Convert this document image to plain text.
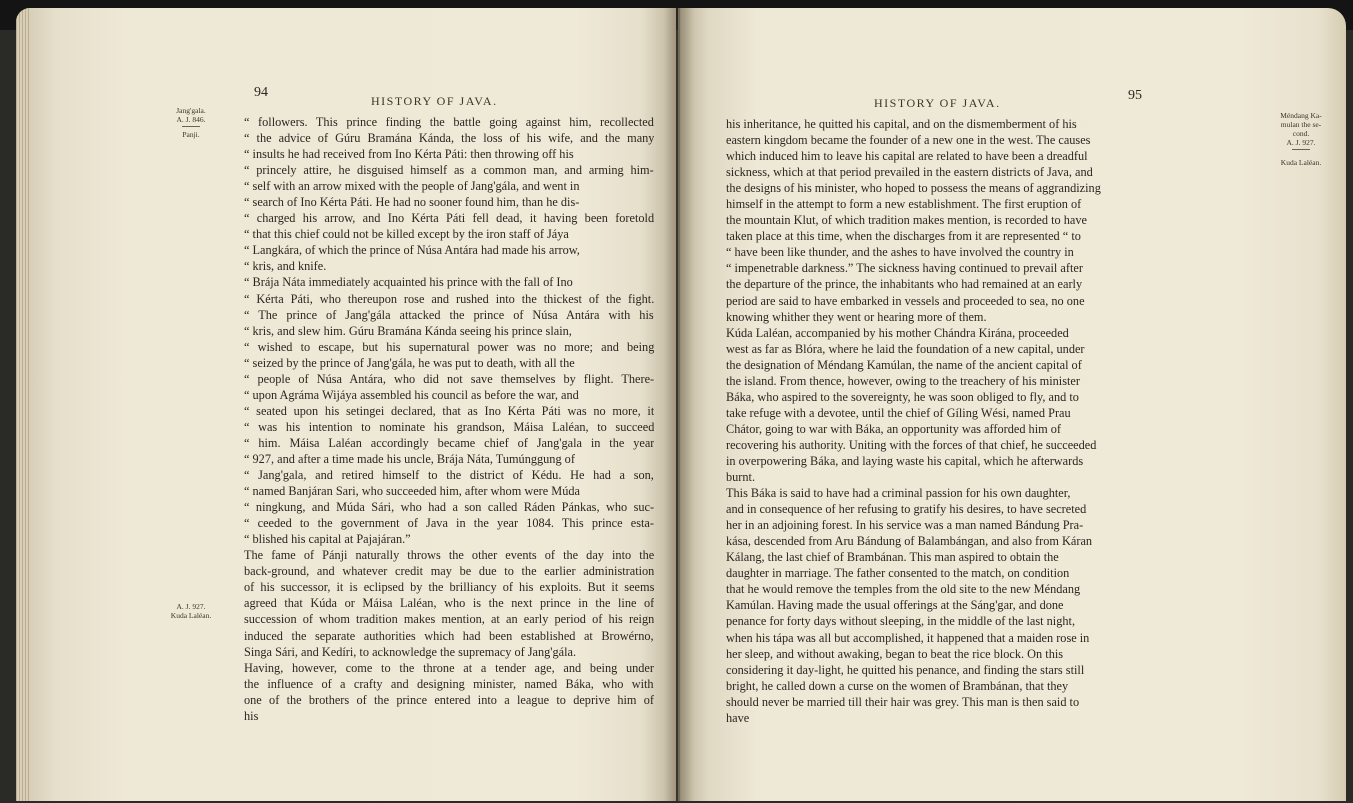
94
HISTORY OF JAVA.
Jang'gala.
A. J. 846.
Panji.
A. J. 927.
Kuda Laléan.
“ followers. This prince finding the battle going against him, recollected
“ the advice of Gúru Bramána Kánda, the loss of his wife, and the many
“ insults he had received from Ino Kérta Páti: then throwing off his
“ princely attire, he disguised himself as a common man, and arming him-
“ self with an arrow mixed with the people of Jang'gála, and went in
“ search of Ino Kérta Páti. He had no sooner found him, than he dis-
“ charged his arrow, and Ino Kérta Páti fell dead, it having been foretold
“ that this chief could not be killed except by the iron staff of Jáya
“ Langkára, of which the prince of Núsa Antára had made his arrow,
“ kris, and knife.
“ Brája Náta immediately acquainted his prince with the fall of Ino
“ Kérta Páti, who thereupon rose and rushed into the thickest of the fight.
“ The prince of Jang'gála attacked the prince of Núsa Antára with his
“ kris, and slew him. Gúru Bramána Kánda seeing his prince slain,
“ wished to escape, but his supernatural power was no more; and being
“ seized by the prince of Jang'gála, he was put to death, with all the
“ people of Núsa Antára, who did not save themselves by flight. There-
“ upon Agráma Wijáya assembled his council as before the war, and
“ seated upon his setingei declared, that as Ino Kérta Páti was no more, it
“ was his intention to nominate his grandson, Máisa Laléan, to succeed
“ him. Máisa Laléan accordingly became chief of Jang'gala in the year
“ 927, and after a time made his uncle, Brája Náta, Tumúnggung of
“ Jang'gala, and retired himself to the district of Kédu. He had a son,
“ named Banjáran Sari, who succeeded him, after whom were Múda
“ ningkung, and Múda Sári, who had a son called Ráden Pánkas, who suc-
“ ceeded to the government of Java in the year 1084. This prince esta-
“ blished his capital at Pajajáran.”
The fame of Pánji naturally throws the other events of the day into the
back-ground, and whatever credit may be due to the earlier administration
of his successor, it is eclipsed by the brilliancy of his exploits. But it seems
agreed that Kúda or Máisa Laléan, who is the next prince in the line of
succession of whom tradition makes mention, at an early period of his reign
induced the separate authorities which had been established at Browérno,
Singa Sári, and Kedíri, to acknowledge the supremacy of Jang'gála.
Having, however, come to the throne at a tender age, and being under
the influence of a crafty and designing minister, named Báka, who with
one of the brothers of the prince entered into a league to deprive him of
his
HISTORY OF JAVA.	95
Méndang Ka-
mulan the se-
cond.
A. J. 927.
Kuda Laléan.
his inheritance, he quitted his capital, and on the dismemberment of his
eastern kingdom became the founder of a new one in the west. The causes
which induced him to leave his capital are related to have been a dreadful
sickness, which at that period prevailed in the eastern districts of Java, and
the designs of his minister, who hoped to possess the means of aggrandizing
himself in the attempt to form a new establishment. The first eruption of
the mountain Klut, of which tradition makes mention, is recorded to have
taken place at this time, when the discharges from it are represented “ to
“ have been like thunder, and the ashes to have involved the country in
“ impenetrable darkness.” The sickness having continued to prevail after
the departure of the prince, the inhabitants who had remained at an early
period are said to have embarked in vessels and proceeded to sea, no one
knowing whither they went or hearing more of them.
Kúda Laléan, accompanied by his mother Chándra Kirána, proceeded
west as far as Blóra, where he laid the foundation of a new capital, under
the designation of Méndang Kamúlan, the name of the ancient capital of
the island. From thence, however, owing to the treachery of his minister
Báka, who aspired to the sovereignty, he was soon obliged to fly, and to
take refuge with a devotee, until the chief of Gíling Wési, named Prau
Chátor, going to war with Báka, an opportunity was afforded him of
recovering his authority. Uniting with the forces of that chief, he succeeded
in overpowering Báka, and laying waste his capital, which he afterwards
burnt.
This Báka is said to have had a criminal passion for his own daughter,
and in consequence of her refusing to gratify his desires, to have secreted
her in an adjoining forest. In his service was a man named Bándung Pra-
kása, descended from Aru Bándung of Balambángan, and also from Káran
Kálang, the last chief of Brambánan. This man aspired to obtain the
daughter in marriage. The father consented to the match, on condition
that he would remove the temples from the old site to the new Méndang
Kamúlan. Having made the usual offerings at the Sáng'gar, and done
penance for forty days without sleeping, in the middle of the last night,
when his tápa was all but accomplished, it happened that a maiden rose in
her sleep, and without awaking, began to beat the rice block. On this
considering it day-light, he quitted his penance, and finding the stars still
bright, he called down a curse on the women of Brambánan, that they
should never be married till their hair was grey. This man is then said to
have
